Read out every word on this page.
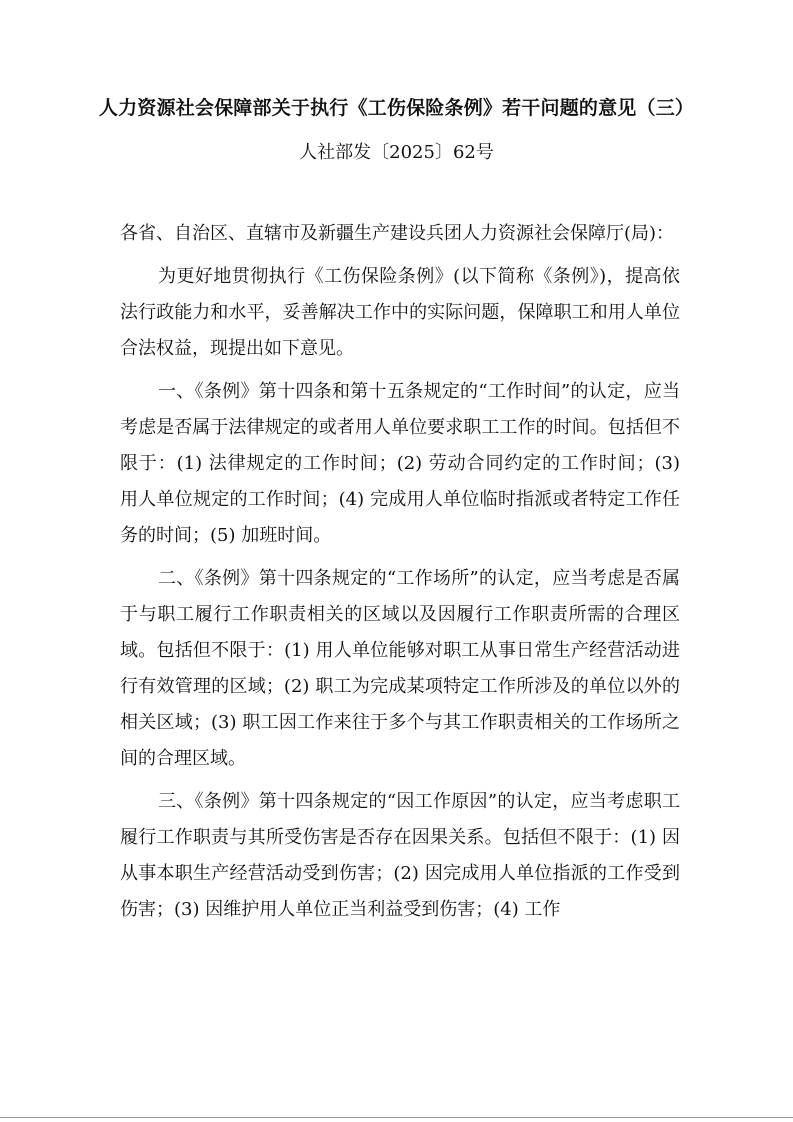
人力资源社会保障部关于执行《工伤保险条例》若干问题的意见（三）
人社部发〔2025〕62号
各省、自治区、直辖市及新疆生产建设兵团人力资源社会保障厅(局)：

为更好地贯彻执行《工伤保险条例》(以下简称《条例》)，提高依法行政能力和水平，妥善解决工作中的实际问题，保障职工和用人单位合法权益，现提出如下意见。

一、《条例》第十四条和第十五条规定的“工作时间”的认定，应当考虑是否属于法律规定的或者用人单位要求职工工作的时间。包括但不限于：(1) 法律规定的工作时间；(2) 劳动合同约定的工作时间；(3) 用人单位规定的工作时间；(4) 完成用人单位临时指派或者特定工作任务的时间；(5) 加班时间。

二、《条例》第十四条规定的“工作场所”的认定，应当考虑是否属于与职工履行工作职责相关的区域以及因履行工作职责所需的合理区域。包括但不限于：(1) 用人单位能够对职工从事日常生产经营活动进行有效管理的区域；(2) 职工为完成某项特定工作所涉及的单位以外的相关区域；(3) 职工因工作来往于多个与其工作职责相关的工作场所之间的合理区域。

三、《条例》第十四条规定的“因工作原因”的认定，应当考虑职工履行工作职责与其所受伤害是否存在因果关系。包括但不限于：(1) 因从事本职生产经营活动受到伤害；(2) 因完成用人单位指派的工作受到伤害；(3) 因维护用人单位正当利益受到伤害；(4) 工作
